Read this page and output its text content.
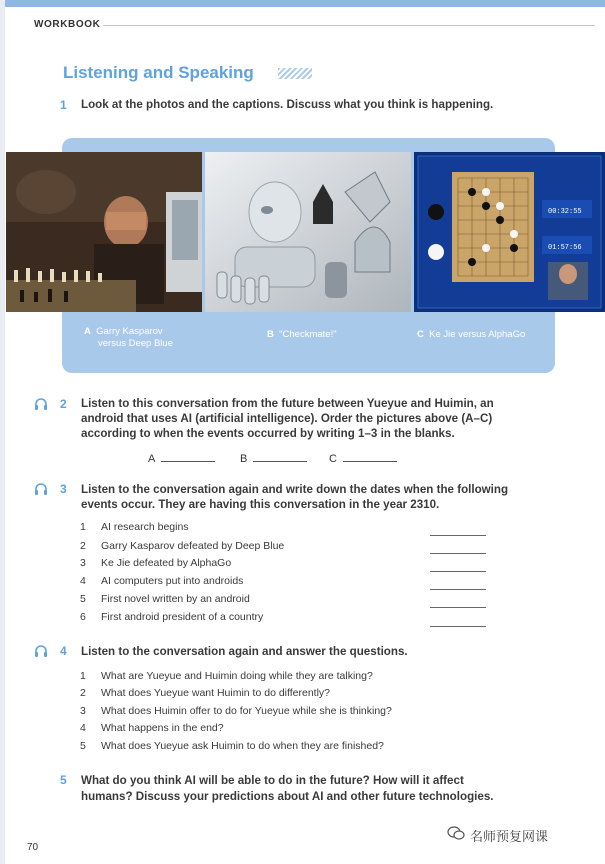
WORKBOOK
Listening and Speaking
1 Look at the photos and the captions. Discuss what you think is happening.
00:32:55
01:57:56
A Garry Kasparov
versus Deep Blue
B "Checkmate!"	C Ke Jie versus AlphaGo
2 Listen to this conversation from the future between Yueyue and Huimin, an
android that uses AI (artificial intelligence). Order the pictures above (A–C)
according to when the events occurred by writing 1–3 in the blanks.
A	B	C
3 Listen to the conversation again and write down the dates when the following
events occur. They are having this conversation in the year 2310.
1 AI research begins
2 Garry Kasparov defeated by Deep Blue
3 Ke Jie defeated by AlphaGo
4 AI computers put into androids
5 First novel written by an android
6 First android president of a country
4 Listen to the conversation again and answer the questions.
1 What are Yueyue and Huimin doing while they are talking?
2 What does Yueyue want Huimin to do differently?
3 What does Huimin offer to do for Yueyue while she is thinking?
4 What happens in the end?
5 What does Yueyue ask Huimin to do when they are finished?
5 What do you think AI will be able to do in the future? How will it affect
humans? Discuss your predictions about AI and other future technologies.
70
名师预复网课
